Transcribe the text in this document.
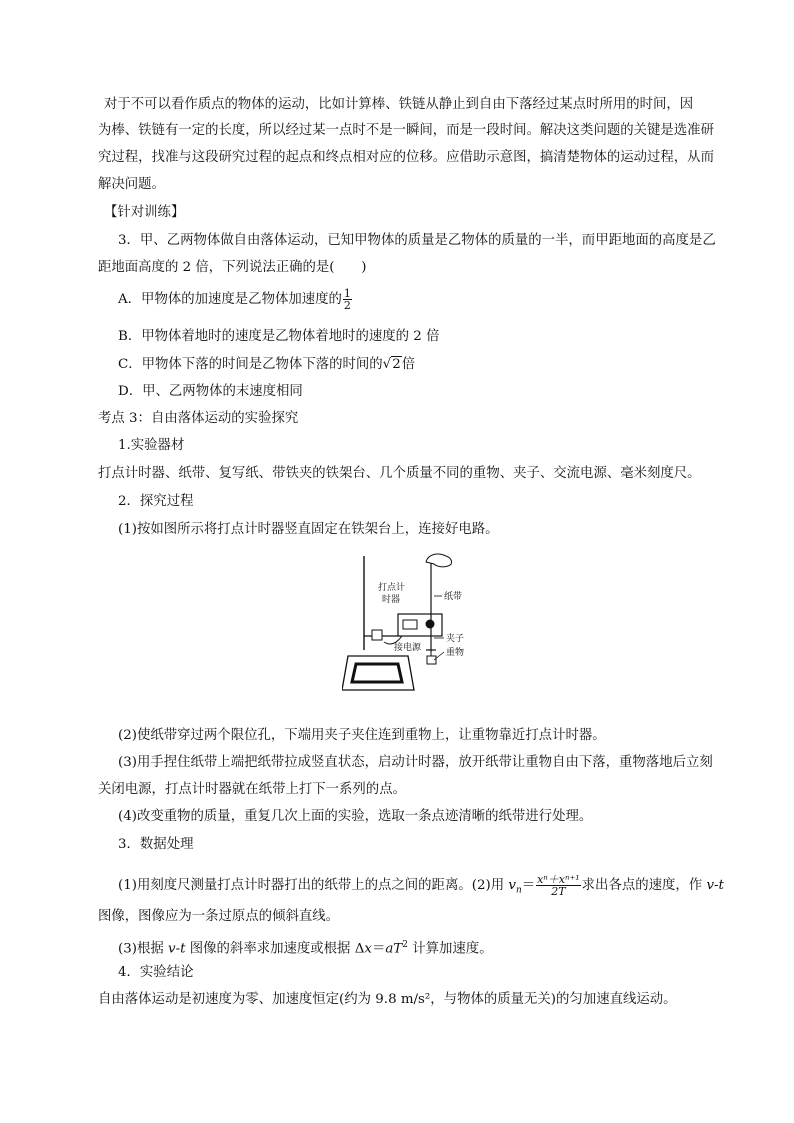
对于不可以看作质点的物体的运动，比如计算棒、铁链从静止到自由下落经过某点时所用的时间，因
为棒、铁链有一定的长度，所以经过某一点时不是一瞬间，而是一段时间。解决这类问题的关键是选准研
究过程，找准与这段研究过程的起点和终点相对应的位移。应借助示意图，搞清楚物体的运动过程，从而
解决问题。
【针对训练】
3．甲、乙两物体做自由落体运动，已知甲物体的质量是乙物体的质量的一半，而甲距地面的高度是乙
距地面高度的 2 倍，下列说法正确的是(　　)
A．甲物体的加速度是乙物体加速度的 $\frac{1}{2}$
B．甲物体着地时的速度是乙物体着地时的速度的 2 倍
C．甲物体下落的时间是乙物体下落的时间的√2倍
D．甲、乙两物体的末速度相同
考点 3：自由落体运动的实验探究
1.实验器材
打点计时器、纸带、复写纸、带铁夹的铁架台、几个质量不同的重物、夹子、交流电源、毫米刻度尺。
2．探究过程
(1)按如图所示将打点计时器竖直固定在铁架台上，连接好电路。
打点计
时器	纸带
夹子
接电源	重物
(2)使纸带穿过两个限位孔，下端用夹子夹住连到重物上，让重物靠近打点计时器。
(3)用手捏住纸带上端把纸带拉成竖直状态，启动计时器，放开纸带让重物自由下落，重物落地后立刻
关闭电源，打点计时器就在纸带上打下一系列的点。
(4)改变重物的质量，重复几次上面的实验，选取一条点迹清晰的纸带进行处理。
3．数据处理
(1)用刻度尺测量打点计时器打出的纸带上的点之间的距离。(2)用 $v_n= \frac{\text{xⁿ＋xⁿ⁺¹}}{2T}$ 求出各点的速度，作 v-t
图像，图像应为一条过原点的倾斜直线。
(3)根据 v-t 图像的斜率求加速度或根据 $\Delta x=aT^2$ 计算加速度。
4．实验结论
自由落体运动是初速度为零、加速度恒定(约为 9.8 m/s²，与物体的质量无关)的匀加速直线运动。
